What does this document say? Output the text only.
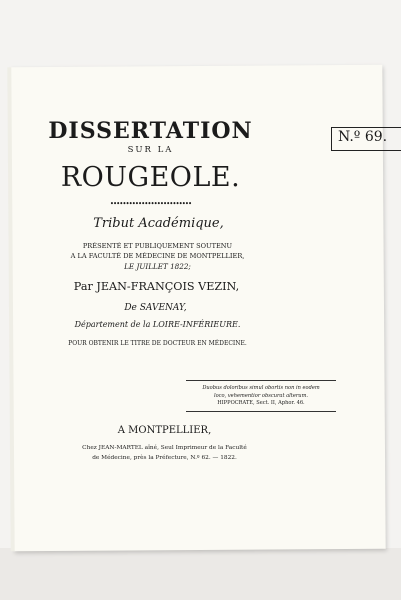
DISSERTATION
SUR LA
ROUGEOLE.
N.º 69.
••••••••••••••••••••••••••
Tribut Académique,
PRÉSENTÉ ET PUBLIQUEMENT SOUTENU
A LA FACULTÉ DE MÉDECINE DE MONTPELLIER,
LE JUILLET 1822;
Par JEAN-FRANÇOIS VEZIN,
De SAVENAY,
Département de la LOIRE-INFÉRIEURE.
POUR OBTENIR LE TITRE DE DOCTEUR EN MÉDECINE.
Duobus doloribus simul obortis non in eodem
loco, vehementior obscurat alterum.
HIPPOCRATE, Sect. II, Aphor. 46.
A MONTPELLIER,
Chez JEAN-MARTEL aîné, Seul Imprimeur de la Faculté
de Médecine, près la Préfecture, N.º 62. — 1822.
